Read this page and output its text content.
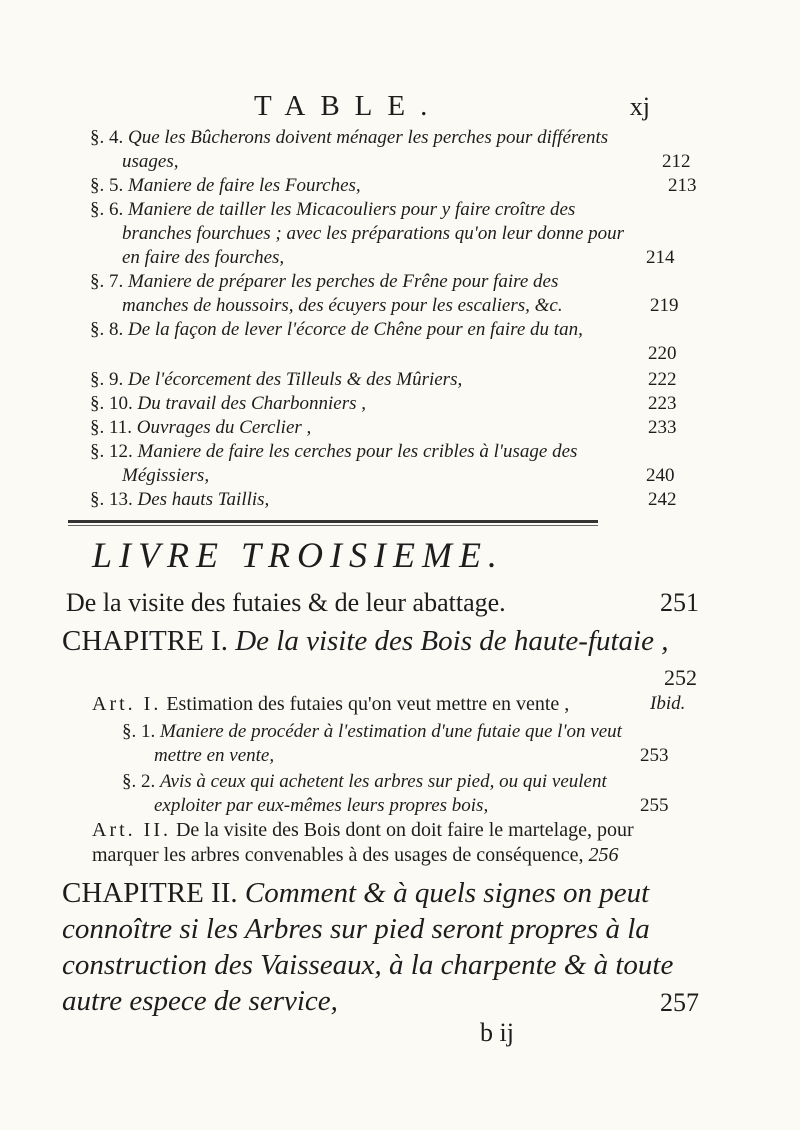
TABLE.	xj
§. 4. Que les Bûcherons doivent ménager les perches pour différents
usages,	212
§. 5. Maniere de faire les Fourches,	213
§. 6. Maniere de tailler les Micacouliers pour y faire croître des
branches fourchues ; avec les préparations qu'on leur donne pour
en faire des fourches,	214
§. 7. Maniere de préparer les perches de Frêne pour faire des
manches de houssoirs, des écuyers pour les escaliers, &c.	219
§. 8. De la façon de lever l'écorce de Chêne pour en faire du tan,
220
§. 9. De l'écorcement des Tilleuls & des Mûriers,	222
§. 10. Du travail des Charbonniers ,	223
§. 11. Ouvrages du Cerclier ,	233
§. 12. Maniere de faire les cerches pour les cribles à l'usage des
Mégissiers,	240
§. 13. Des hauts Taillis,	242
LIVRE TROISIEME.
De la visite des futaies & de leur abattage.	251
CHAPITRE I. De la visite des Bois de haute-futaie ,
252
Art. I. Estimation des futaies qu'on veut mettre en vente ,	Ibid.
§. 1. Maniere de procéder à l'estimation d'une futaie que l'on veut
mettre en vente,	253
§. 2. Avis à ceux qui achetent les arbres sur pied, ou qui veulent
exploiter par eux-mêmes leurs propres bois,	255
Art. II. De la visite des Bois dont on doit faire le martelage, pour
marquer les arbres convenables à des usages de conséquence, 256
CHAPITRE II. Comment & à quels signes on peut
connoître si les Arbres sur pied seront propres à la
construction des Vaisseaux, à la charpente & à toute
autre espece de service,	257
b ij
